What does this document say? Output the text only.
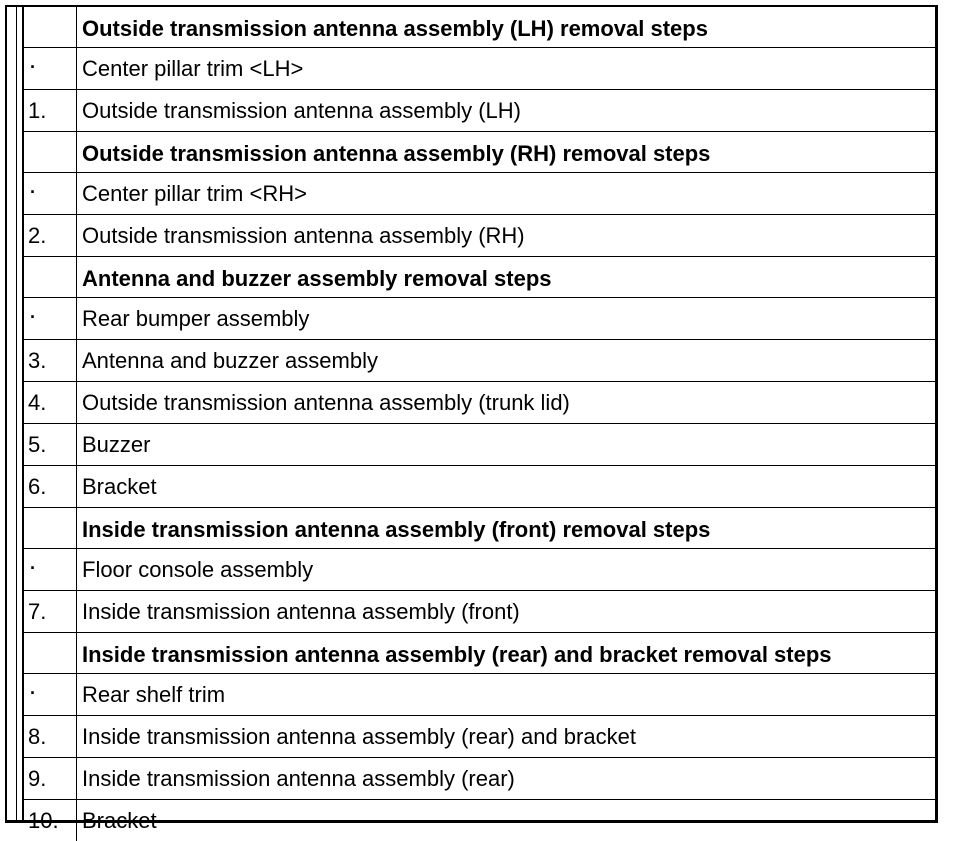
	Outside transmission antenna assembly (LH) removal steps
·	Center pillar trim <LH>
1.	Outside transmission antenna assembly (LH)
	Outside transmission antenna assembly (RH) removal steps
·	Center pillar trim <RH>
2.	Outside transmission antenna assembly (RH)
	Antenna and buzzer assembly removal steps
·	Rear bumper assembly
3.	Antenna and buzzer assembly
4.	Outside transmission antenna assembly (trunk lid)
5.	Buzzer
6.	Bracket
	Inside transmission antenna assembly (front) removal steps
·	Floor console assembly
7.	Inside transmission antenna assembly (front)
	Inside transmission antenna assembly (rear) and bracket removal steps
·	Rear shelf trim
8.	Inside transmission antenna assembly (rear) and bracket
9.	Inside transmission antenna assembly (rear)
10.	Bracket
